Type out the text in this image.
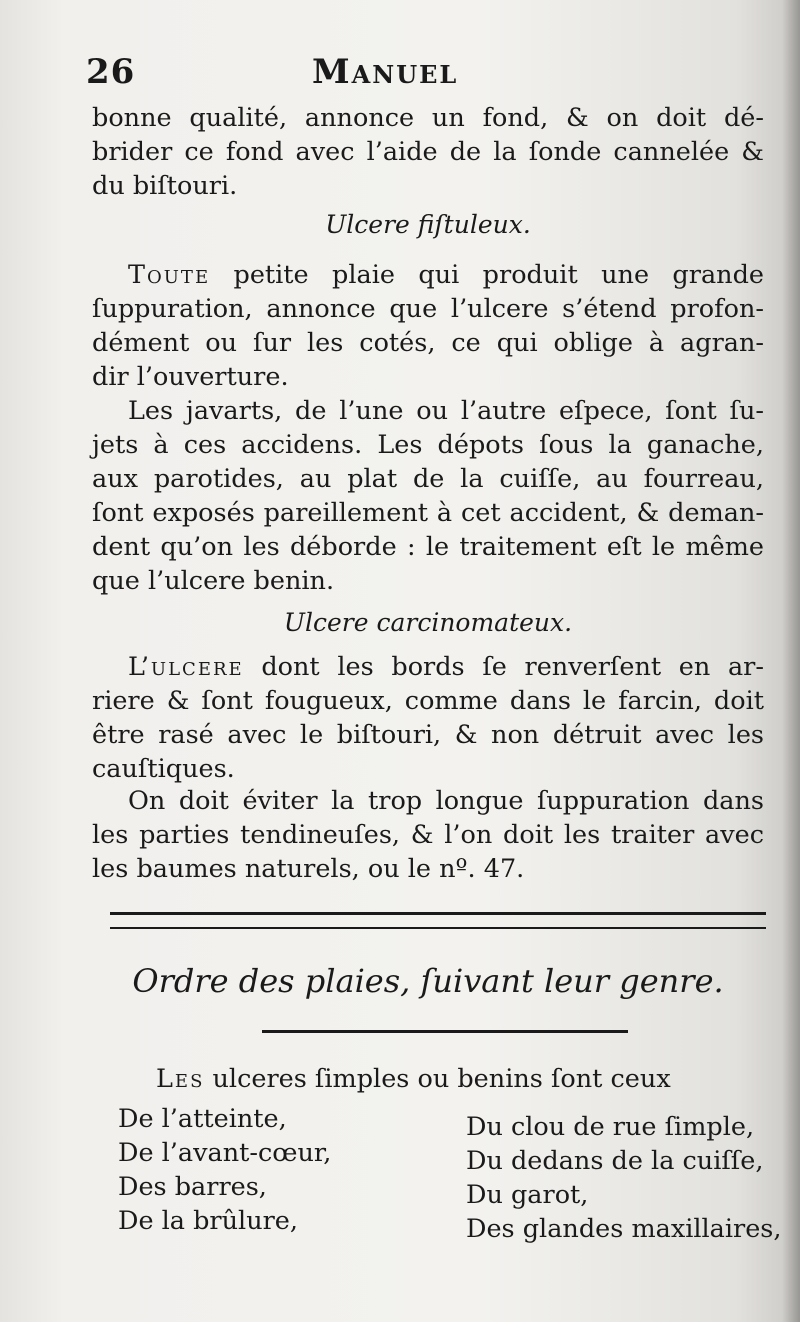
26	Manuel

bonne qualité, annonce un fond, & on doit dé-

brider ce fond avec l’aide de la ſonde cannelée &

du biſtouri.

Ulcere fiſtuleux.

Toute petite plaie qui produit une grande

ſuppuration, annonce que l’ulcere s’étend profon-

dément ou ſur les cotés, ce qui oblige à agran-

dir l’ouverture.

Les javarts, de l’une ou l’autre eſpece, ſont ſu-

jets à ces accidens. Les dépots ſous la ganache,

aux parotides, au plat de la cuiſſe, au fourreau,

ſont exposés pareillement à cet accident, & deman-

dent qu’on les déborde : le traitement eſt le même

que l’ulcere benin.

Ulcere carcinomateux.

L’ulcere dont les bords ſe renverſent en ar-

riere & ſont fougueux, comme dans le farcin, doit

être rasé avec le biſtouri, & non détruit avec les

cauſtiques.

On doit éviter la trop longue ſuppuration dans

les parties tendineuſes, & l’on doit les traiter avec

les baumes naturels, ou le nº. 47.

Ordre des plaies, ſuivant leur genre.

Les ulceres ſimples ou benins ſont ceux

De l’atteinte,
De l’avant-cœur,
Des barres,
De la brûlure,
Du clou de rue ſimple,
Du dedans de la cuiſſe,
Du garot,
Des glandes maxillaires,
